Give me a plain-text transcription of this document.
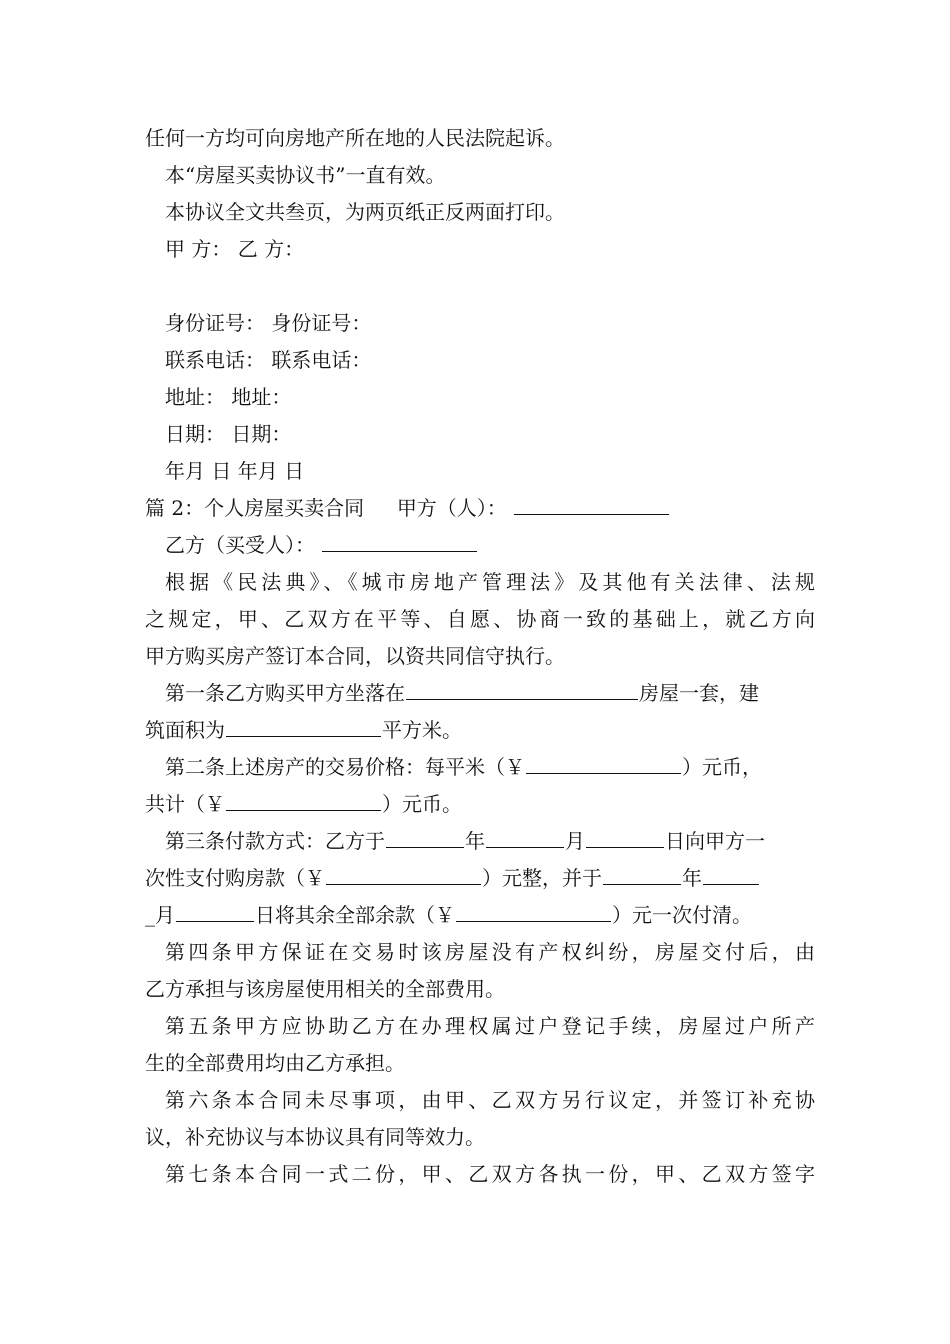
任何一方均可向房地产所在地的人民法院起诉。
本“房屋买卖协议书”一直有效。
本协议全文共叁页，为两页纸正反两面打印。
甲 方： 乙 方：
身份证号： 身份证号：
联系电话： 联系电话：
地址： 地址：
日期： 日期：
年月 日 年月 日
篇 2：个人房屋买卖合同 甲方（人）：
乙方（买受人）：
根据《民法典》、《城市房地产管理法》及其他有关法律、法规
之规定，甲、乙双方在平等、自愿、协商一致的基础上，就乙方向
甲方购买房产签订本合同，以资共同信守执行。
第一条乙方购买甲方坐落在	房屋一套，建
筑面积为	平方米。
第二条上述房产的交易价格：每平米（￥	）元币，
共计（￥	）元币。
第三条付款方式：乙方于	年	月	日向甲方一
次性支付购房款（￥	）元整，并于	年
_月	日将其余全部余款（￥	）元一次付清。
第四条甲方保证在交易时该房屋没有产权纠纷，房屋交付后，由
乙方承担与该房屋使用相关的全部费用。
第五条甲方应协助乙方在办理权属过户登记手续，房屋过户所产
生的全部费用均由乙方承担。
第六条本合同未尽事项，由甲、乙双方另行议定，并签订补充协
议，补充协议与本协议具有同等效力。
第七条本合同一式二份，甲、乙双方各执一份，甲、乙双方签字
